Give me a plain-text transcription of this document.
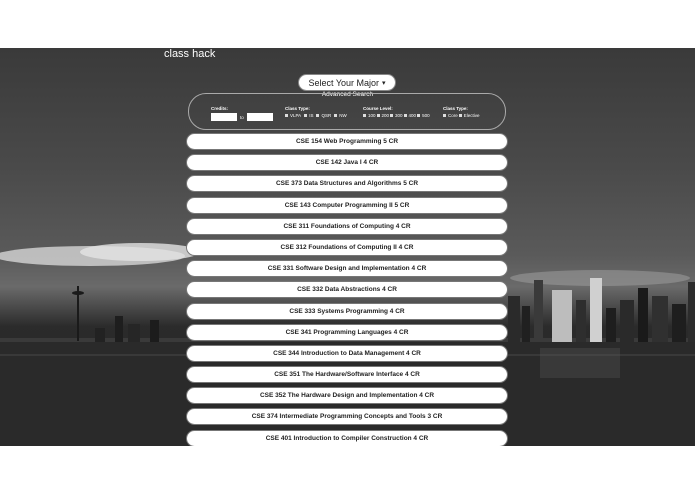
class hack
Select Your Major ▾
Advanced Search
Credits:
to
Class Type:
VLPA IS QSR NW
Course Level:
100 200 300 400 500
Class Type:
Core Elective
CSE 154 Web Programming 5 CR
CSE 142 Java I 4 CR
CSE 373 Data Structures and Algorithms 5 CR
CSE 143 Computer Programming II 5 CR
CSE 311 Foundations of Computing 4 CR
CSE 312 Foundations of Computing II 4 CR
CSE 331 Software Design and Implementation 4 CR
CSE 332 Data Abstractions 4 CR
CSE 333 Systems Programming 4 CR
CSE 341 Programming Languages 4 CR
CSE 344 Introduction to Data Management 4 CR
CSE 351 The Hardware/Software Interface 4 CR
CSE 352 The Hardware Design and Implementation 4 CR
CSE 374 Intermediate Programming Concepts and Tools 3 CR
CSE 401 Introduction to Compiler Construction 4 CR
